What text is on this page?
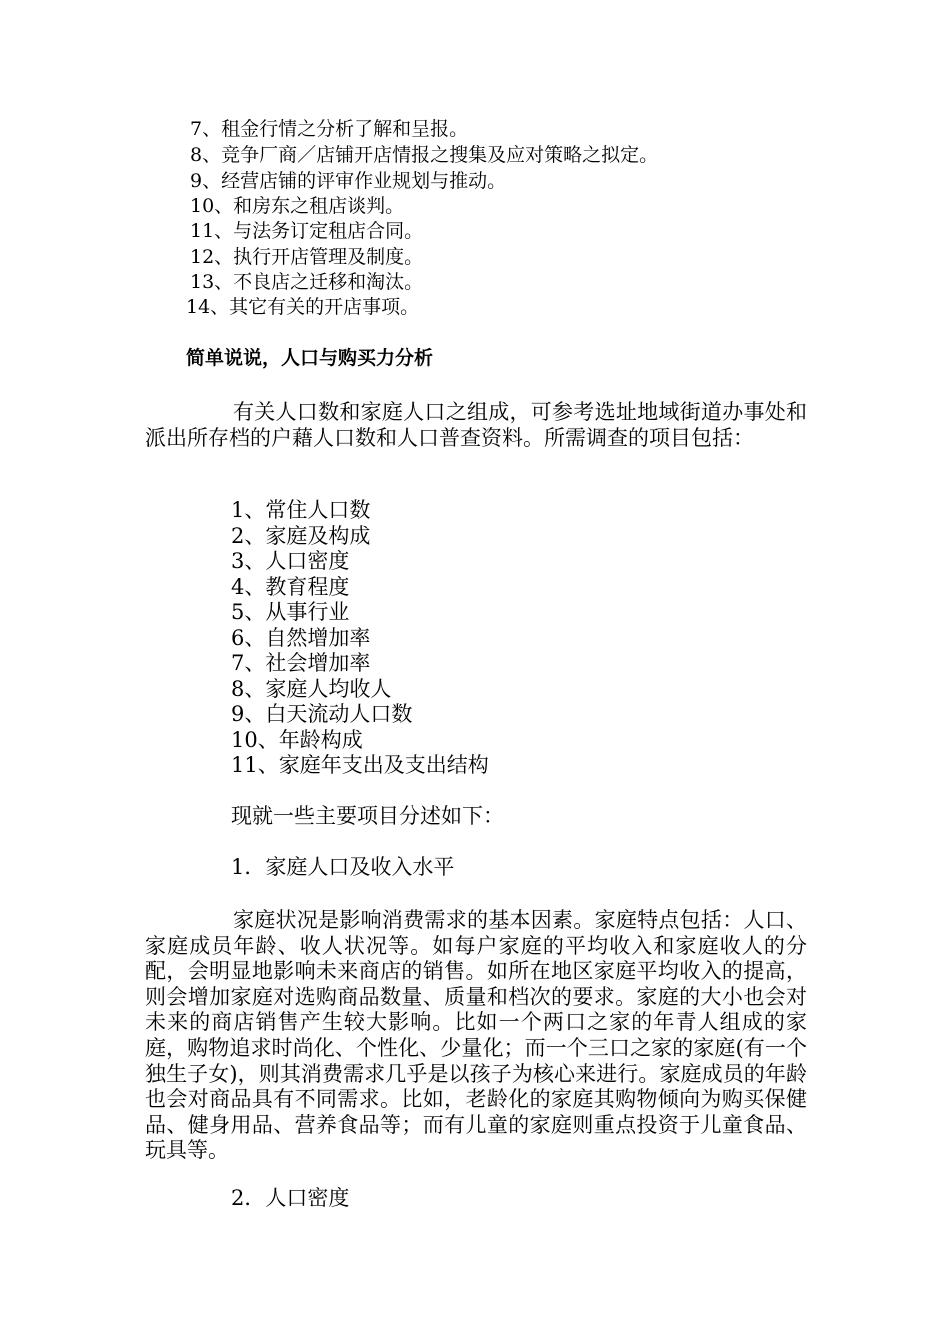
7、租金行情之分析了解和呈报。
8、竞争厂商／店铺开店情报之搜集及应对策略之拟定。
9、经营店铺的评审作业规划与推动。
10、和房东之租店谈判。
11、与法务订定租店合同。
12、执行开店管理及制度。
13、不良店之迁移和淘汰。
14、其它有关的开店事项。
简单说说，人口与购买力分析
有关人口数和家庭人口之组成，可参考选址地域街道办事处和派出所存档的户藉人口数和人口普查资料。所需调查的项目包括：
1、常住人口数
2、家庭及构成
3、人口密度
4、教育程度
5、从事行业
6、自然增加率
7、社会增加率
8、家庭人均收人
9、白天流动人口数
10、年龄构成
11、家庭年支出及支出结构
现就一些主要项目分述如下：
1．家庭人口及收入水平
家庭状况是影响消费需求的基本因素。家庭特点包括：人口、家庭成员年龄、收人状况等。如每户家庭的平均收入和家庭收人的分配，会明显地影响未来商店的销售。如所在地区家庭平均收入的提高，则会增加家庭对选购商品数量、质量和档次的要求。家庭的大小也会对未来的商店销售产生较大影响。比如一个两口之家的年青人组成的家庭，购物追求时尚化、个性化、少量化；而一个三口之家的家庭(有一个独生子女)，则其消费需求几乎是以孩子为核心来进行。家庭成员的年龄也会对商品具有不同需求。比如，老龄化的家庭其购物倾向为购买保健品、健身用品、营养食品等；而有儿童的家庭则重点投资于儿童食品、玩具等。
2．人口密度
